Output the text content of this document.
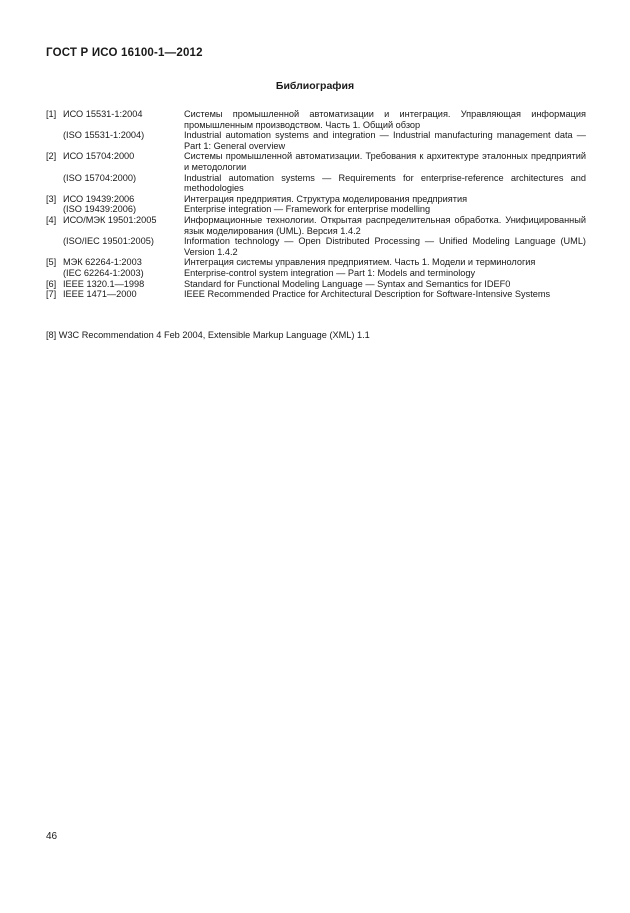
ГОСТ Р ИСО 16100-1—2012
Библиография
[1] ИСО 15531-1:2004	Системы промышленной автоматизации и интеграция. Управляющая информация промышленным производством. Часть 1. Общий обзор
(ISO 15531-1:2004)	Industrial automation systems and integration — Industrial manufacturing management data — Part 1: General overview
[2] ИСО 15704:2000	Системы промышленной автоматизации. Требования к архитектуре эталонных предприятий и методологии
(ISO 15704:2000)	Industrial automation systems — Requirements for enterprise-reference architectures and methodologies
[3] ИСО 19439:2006	Интеграция предприятия. Структура моделирования предприятия
(ISO 19439:2006)	Enterprise integration — Framework for enterprise modelling
[4] ИСО/МЭК 19501:2005	Информационные технологии. Открытая распределительная обработка. Унифицированный язык моделирования (UML). Версия 1.4.2
(ISO/IEC 19501:2005)	Information technology — Open Distributed Processing — Unified Modeling Language (UML) Version 1.4.2
[5] МЭК 62264-1:2003	Интеграция системы управления предприятием. Часть 1. Модели и терминология
(IEC 62264-1:2003)	Enterprise-control system integration — Part 1: Models and terminology
[6] IEEE 1320.1—1998	Standard for Functional Modeling Language — Syntax and Semantics for IDEF0
[7] IEEE 1471—2000	IEEE Recommended Practice for Architectural Description for Software-Intensive Systems
[8] W3C Recommendation 4 Feb 2004, Extensible Markup Language (XML) 1.1
46
